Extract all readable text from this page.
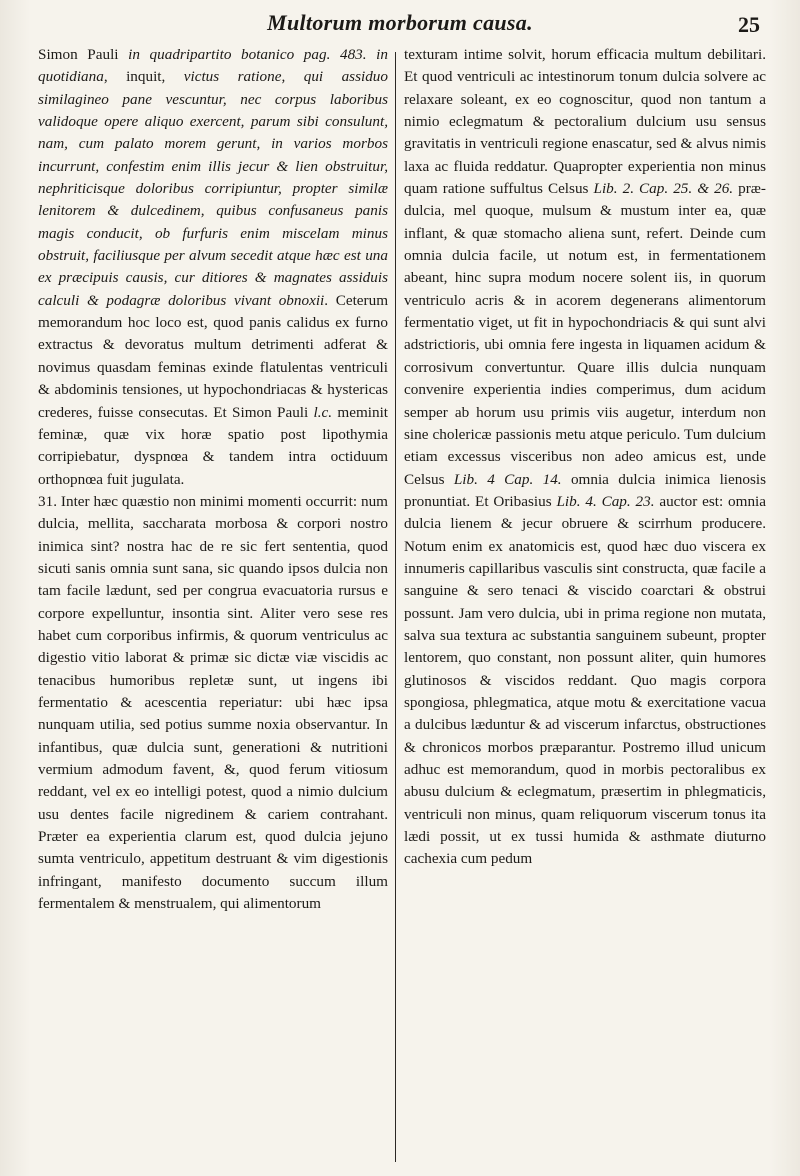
Multorum morborum causa.	25

Simon Pauli in quadripartito botanico pag. 483. in quotidiana, inquit, victus ratione, qui assiduo similagineo pane vescuntur, nec corpus laboribus validoque opere aliquo exercent, parum sibi consulunt, nam, cum palato morem gerunt, in varios morbos incurrunt, confestim enim illis jecur & lien obstruitur, nephriticisque doloribus corripiuntur, propter similæ lenitorem & dulcedinem, quibus confusaneus panis magis conducit, ob furfuris enim miscelam minus obstruit, faciliusque per alvum secedit atque hæc est una ex præcipuis causis, cur ditiores & magnates assiduis calculi & podagræ doloribus vivant obnoxii. Ceterum memorandum hoc loco est, quod panis calidus ex furno extractus & devoratus multum detrimenti adferat & novimus quasdam feminas exinde flatulentas ventriculi & abdominis tensiones, ut hypochondriacas & hystericas crederes, fuisse consecutas. Et Simon Pauli l.c. meminit feminæ, quæ vix horæ spatio post lipothymia corripiebatur, dyspnœa & tandem intra octiduum orthopnœa fuit jugulata.

31. Inter hæc quæstio non minimi momenti occurrit: num dulcia, mellita, saccharata morbosa & corpori nostro inimica sint? nostra hac de re sic fert sententia, quod sicuti sanis omnia sunt sana, sic quando ipsos dulcia non tam facile lædunt, sed per congrua evacuatoria rursus e corpore expelluntur, insontia sint. Aliter vero sese res habet cum corporibus infirmis, & quorum ventriculus ac digestio vitio laborat & primæ sic dictæ viæ viscidis ac tenacibus humoribus repletæ sunt, ut ingens ibi fermentatio & acescentia reperiatur: ubi hæc ipsa nunquam utilia, sed potius summe noxia observantur. In infantibus, quæ dulcia sunt, generationi & nutritioni vermium admodum favent, &, quod ferum vitiosum reddant, vel ex eo intelligi potest, quod a nimio dulcium usu dentes facile nigredinem & cariem contrahant. Præter ea experientia clarum est, quod dulcia jejuno sumta ventriculo, appetitum destruant & vim digestionis infringant, manifesto documento succum illum fermentalem & menstrualem, qui alimentorum

texturam intime solvit, horum efficacia multum debilitari. Et quod ventriculi ac intestinorum tonum dulcia solvere ac relaxare soleant, ex eo cognoscitur, quod non tantum a nimio eclegmatum & pectoralium dulcium usu sensus gravitatis in ventriculi regione enascatur, sed & alvus nimis laxa ac fluida reddatur. Quapropter experientia non minus quam ratione suffultus Celsus Lib. 2. Cap. 25. & 26. præ-dulcia, mel quoque, mulsum & mustum inter ea, quæ inflant, & quæ stomacho aliena sunt, refert. Deinde cum omnia dulcia facile, ut notum est, in fermentationem abeant, hinc supra modum nocere solent iis, in quorum ventriculo acris & in acorem degenerans alimentorum fermentatio viget, ut fit in hypochondriacis & qui sunt alvi adstrictioris, ubi omnia fere ingesta in liquamen acidum & corrosivum convertuntur. Quare illis dulcia nunquam convenire experientia indies comperimus, dum acidum semper ab horum usu primis viis augetur, interdum non sine cholericæ passionis metu atque periculo. Tum dulcium etiam excessus visceribus non adeo amicus est, unde Celsus Lib. 4 Cap. 14. omnia dulcia inimica lienosis pronuntiat. Et Oribasius Lib. 4. Cap. 23. auctor est: omnia dulcia lienem & jecur obruere & scirrhum producere. Notum enim ex anatomicis est, quod hæc duo viscera ex innumeris capillaribus vasculis sint constructa, quæ facile a sanguine & sero tenaci & viscido coarctari & obstrui possunt. Jam vero dulcia, ubi in prima regione non mutata, salva sua textura ac substantia sanguinem subeunt, propter lentorem, quo constant, non possunt aliter, quin humores glutinosos & viscidos reddant. Quo magis corpora spongiosa, phlegmatica, atque motu & exercitatione vacua a dulcibus læduntur & ad viscerum infarctus, obstructiones & chronicos morbos præparantur. Postremo illud unicum adhuc est memorandum, quod in morbis pectoralibus ex abusu dulcium & eclegmatum, præsertim in phlegmaticis, ventriculi non minus, quam reliquorum viscerum tonus ita lædi possit, ut ex tussi humida & asthmate diuturno cachexia cum pedum
